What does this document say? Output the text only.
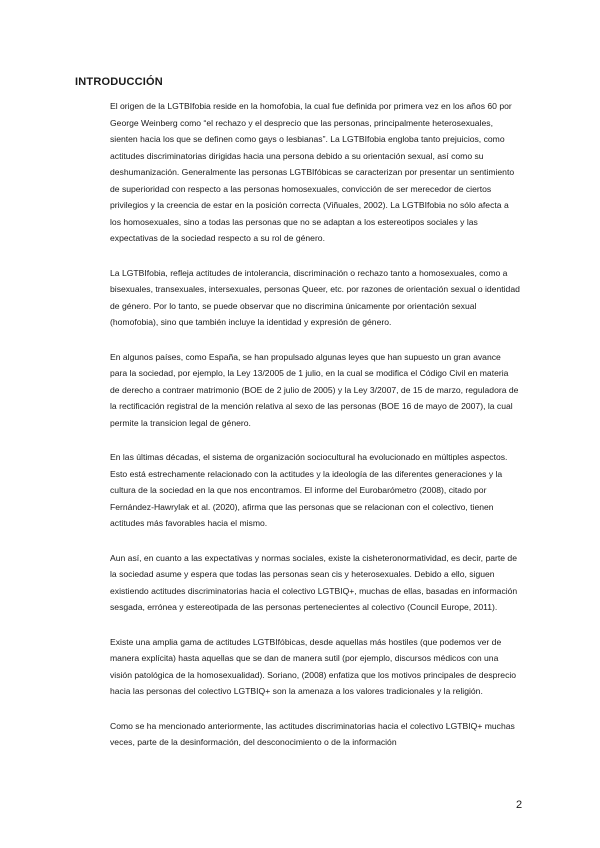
INTRODUCCIÓN

El origen de la LGTBIfobia reside en la homofobia, la cual fue definida por primera vez en los años 60 por George Weinberg como “el rechazo y el desprecio que las personas, principalmente heterosexuales, sienten hacia los que se definen como gays o lesbianas”. La LGTBIfobia engloba tanto prejuicios, como actitudes discriminatorias dirigidas hacia una persona debido a su orientación sexual, así como su deshumanización. Generalmente las personas LGTBIfóbicas se caracterizan por presentar un sentimiento de superioridad con respecto a las personas homosexuales, convicción de ser merecedor de ciertos privilegios y la creencia de estar en la posición correcta (Viñuales, 2002). La LGTBIfobia no sólo afecta a los homosexuales, sino a todas las personas que no se adaptan a los estereotipos sociales y las expectativas de la sociedad respecto a su rol de género.

La LGTBIfobia, refleja actitudes de intolerancia, discriminación o rechazo tanto a homosexuales, como a bisexuales, transexuales, intersexuales, personas Queer, etc. por razones de orientación sexual o identidad de género. Por lo tanto, se puede observar que no discrimina únicamente por orientación sexual (homofobia), sino que también incluye la identidad y expresión de género.

En algunos países, como España, se han propulsado algunas leyes que han supuesto un gran avance para la sociedad, por ejemplo, la Ley 13/2005 de 1 julio, en la cual se modifica el Código Civil en materia de derecho a contraer matrimonio (BOE de 2 julio de 2005) y la Ley 3/2007, de 15 de marzo, reguladora de la rectificación registral de la mención relativa al sexo de las personas (BOE 16 de mayo de 2007), la cual permite la transicion legal de género.

En las últimas décadas, el sistema de organización sociocultural ha evolucionado en múltiples aspectos. Esto está estrechamente relacionado con la actitudes y la ideología de las diferentes generaciones y la cultura de la sociedad en la que nos encontramos. El informe del Eurobarómetro (2008), citado por Fernández-Hawrylak et al. (2020), afirma que las personas que se relacionan con el colectivo, tienen actitudes más favorables hacia el mismo.

Aun así, en cuanto a las expectativas y normas sociales, existe la cisheteronormatividad, es decir, parte de la sociedad asume y espera que todas las personas sean cis y heterosexuales. Debido a ello, siguen existiendo actitudes discriminatorias hacia el colectivo LGTBIQ+, muchas de ellas, basadas en información sesgada, errónea y estereotipada de las personas pertenecientes al colectivo (Council Europe, 2011).

Existe una amplia gama de actitudes LGTBIfóbicas, desde aquellas más hostiles (que podemos ver de manera explícita) hasta aquellas que se dan de manera sutil (por ejemplo, discursos médicos con una visión patológica de la homosexualidad). Soriano, (2008) enfatiza que los motivos principales de desprecio hacia las personas del colectivo LGTBIQ+ son la amenaza a los valores tradicionales y la religión.

Como se ha mencionado anteriormente, las actitudes discriminatorias hacia el colectivo LGTBIQ+ muchas veces, parte de la desinformación, del desconocimiento o de la información

2
